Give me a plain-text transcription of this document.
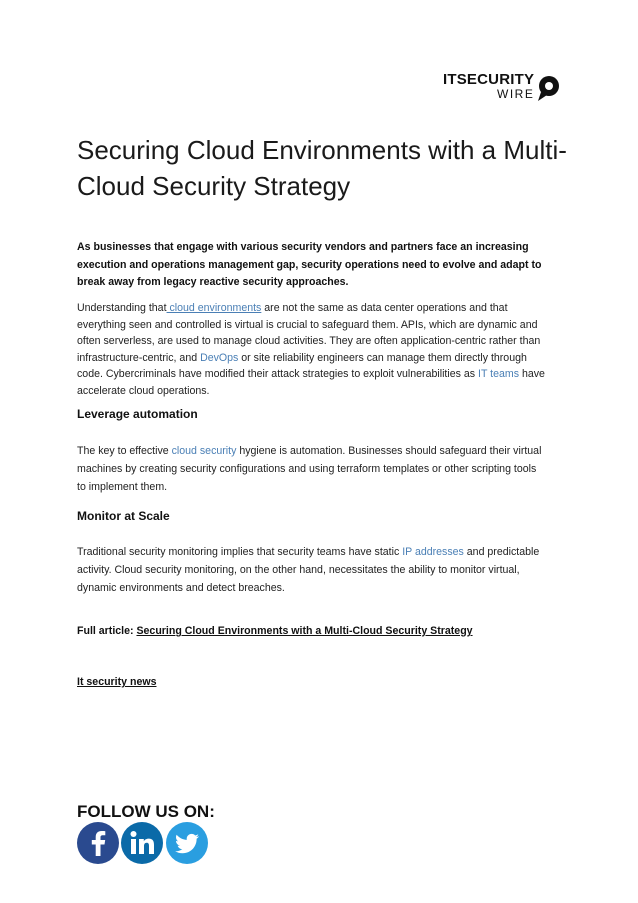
ITSECURITY
WIRE
Securing Cloud Environments with a Multi-Cloud Security Strategy

As businesses that engage with various security vendors and partners face an increasing execution and operations management gap, security operations need to evolve and adapt to break away from legacy reactive security approaches.

Understanding that cloud environments are not the same as data center operations and that everything seen and controlled is virtual is crucial to safeguard them. APIs, which are dynamic and often serverless, are used to manage cloud activities. They are often application-centric rather than infrastructure-centric, and DevOps or site reliability engineers can manage them directly through code. Cybercriminals have modified their attack strategies to exploit vulnerabilities as IT teams have accelerate cloud operations.

Leverage automation

The key to effective cloud security hygiene is automation. Businesses should safeguard their virtual machines by creating security configurations and using terraform templates or other scripting tools to implement them.

Monitor at Scale

Traditional security monitoring implies that security teams have static IP addresses and predictable activity. Cloud security monitoring, on the other hand, necessitates the ability to monitor virtual, dynamic environments and detect breaches.

Full article: Securing Cloud Environments with a Multi-Cloud Security Strategy
It security news
FOLLOW US ON:
